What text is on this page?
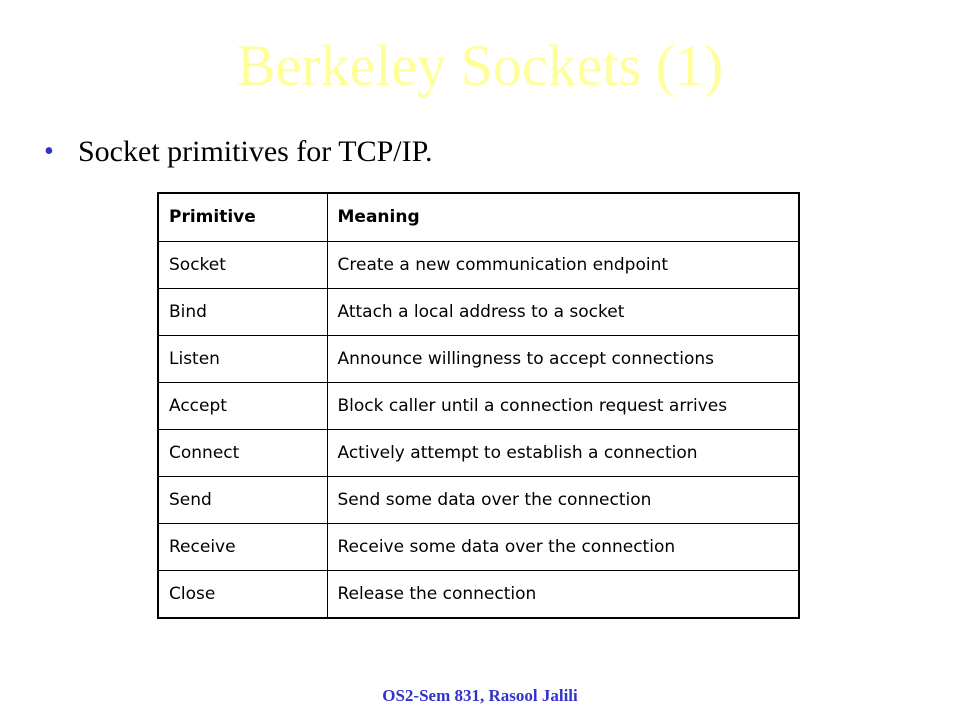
Berkeley Sockets (1)
• Socket primitives for TCP/IP.
Primitive	Meaning
Socket	Create a new communication endpoint
Bind	Attach a local address to a socket
Listen	Announce willingness to accept connections
Accept	Block caller until a connection request arrives
Connect	Actively attempt to establish a connection
Send	Send some data over the connection
Receive	Receive some data over the connection
Close	Release the connection
OS2-Sem 831, Rasool Jalili
